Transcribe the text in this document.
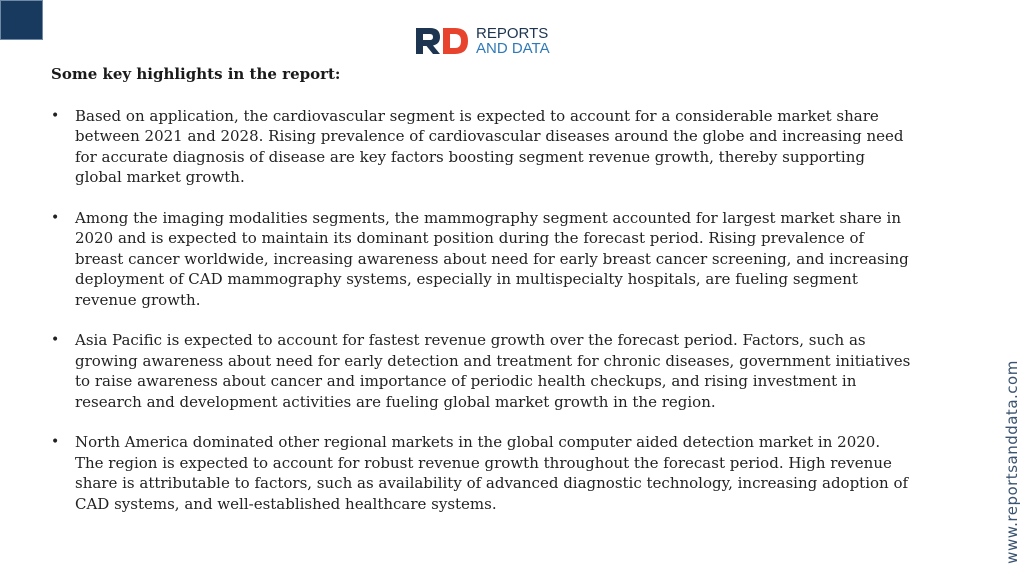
REPORTS
AND DATA
Some key highlights in the report:
•	Based on application, the cardiovascular segment is expected to account for a considerable market share between 2021 and 2028. Rising prevalence of cardiovascular diseases around the globe and increasing need for accurate diagnosis of disease are key factors boosting segment revenue growth, thereby supporting global market growth.
•	Among the imaging modalities segments, the mammography segment accounted for largest market share in 2020 and is expected to maintain its dominant position during the forecast period. Rising prevalence of breast cancer worldwide, increasing awareness about need for early breast cancer screening, and increasing deployment of CAD mammography systems, especially in multispecialty hospitals, are fueling segment revenue growth.
•	Asia Pacific is expected to account for fastest revenue growth over the forecast period. Factors, such as growing awareness about need for early detection and treatment for chronic diseases, government initiatives to raise awareness about cancer and importance of periodic health checkups, and rising investment in research and development activities are fueling global market growth in the region.
•	North America dominated other regional markets in the global computer aided detection market in 2020. The region is expected to account for robust revenue growth throughout the forecast period. High revenue share is attributable to factors, such as availability of advanced diagnostic technology, increasing adoption of CAD systems, and well-established healthcare systems.	www.reportsanddata.com
